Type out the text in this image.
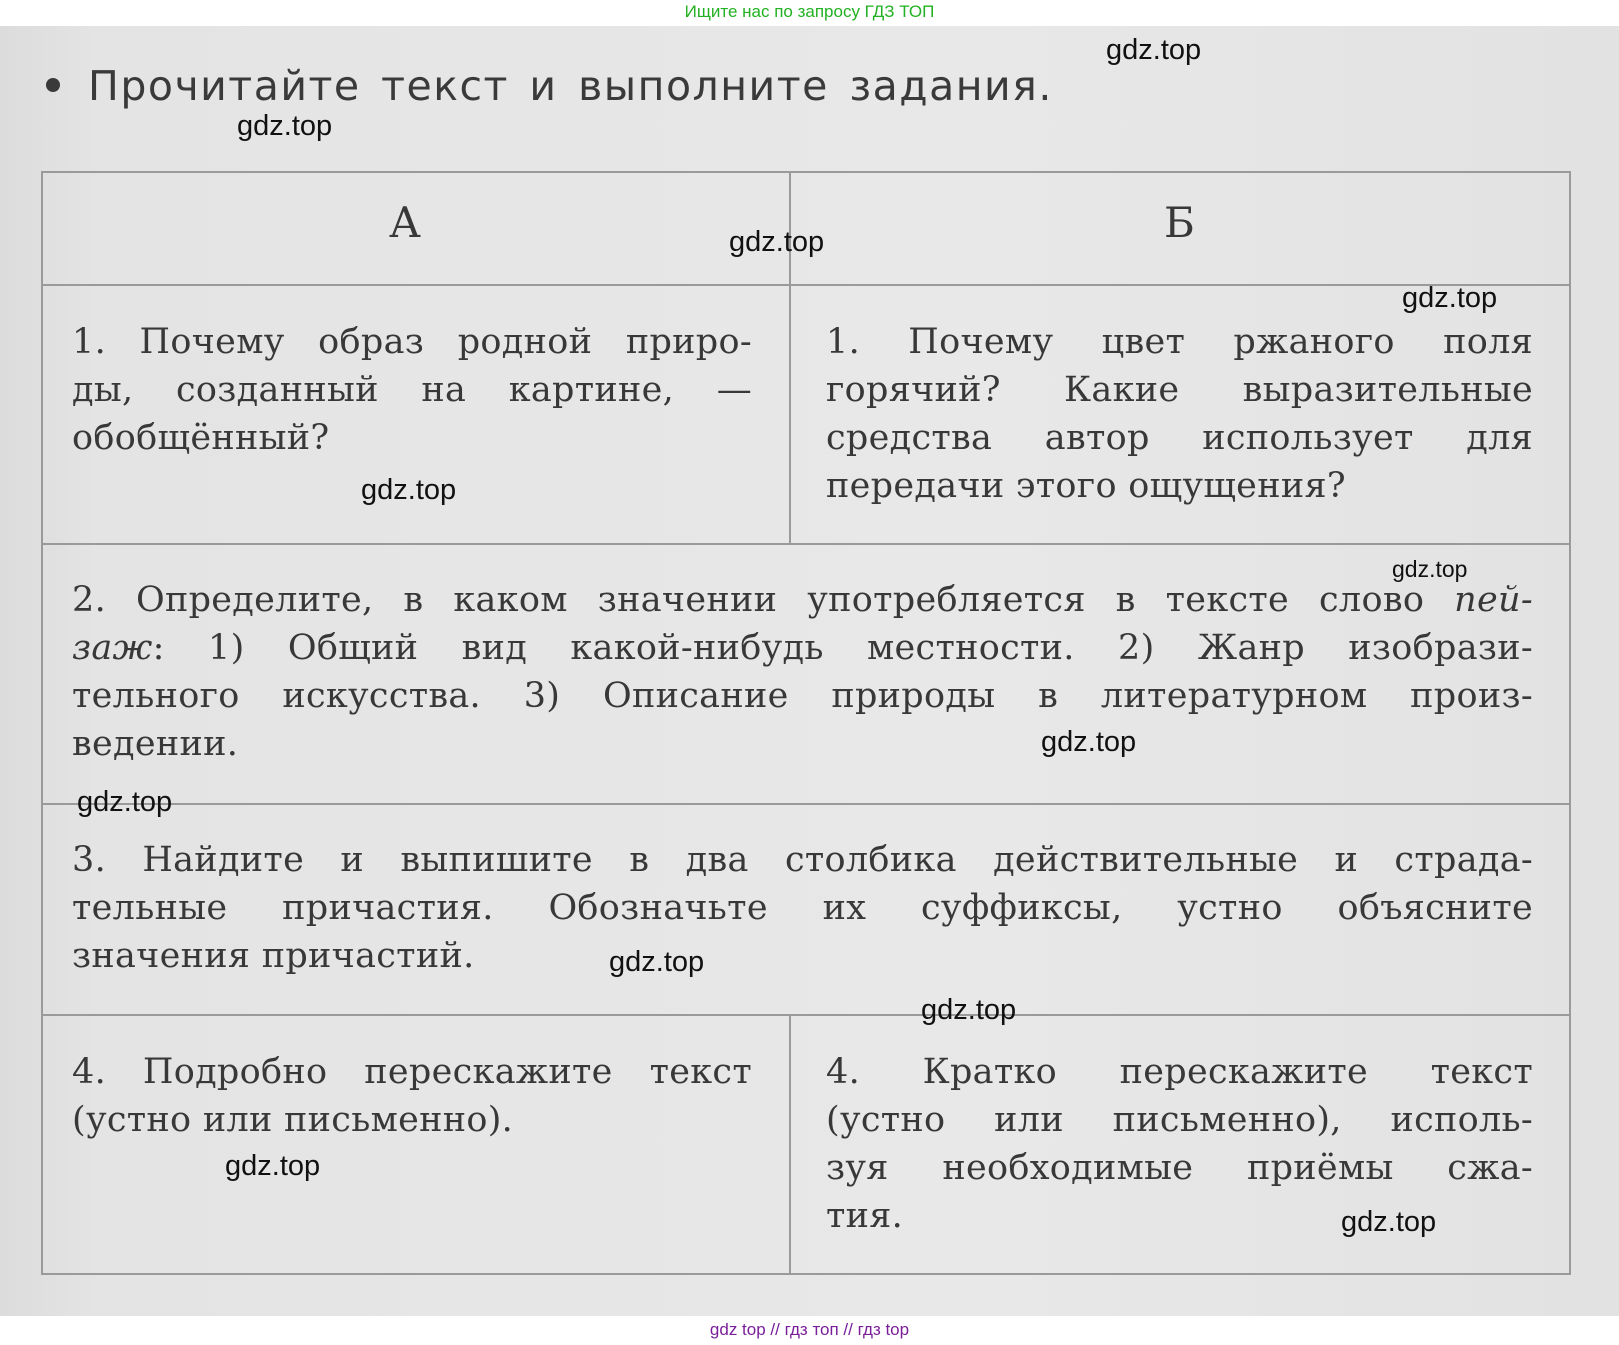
Ищите нас по запросу ГДЗ ТОП
Прочитайте текст и выполните задания.
А	Б
1. Почему образ родной приро-
ды, созданный на картине, —
обобщённый?
1. Почему цвет ржаного поля
горячий? Какие выразительные
средства автор использует для
передачи этого ощущения?
2. Определите, в каком значении употребляется в тексте слово пей-
заж: 1) Общий вид какой-нибудь местности. 2) Жанр изобрази-
тельного искусства. 3) Описание природы в литературном произ-
ведении.
3. Найдите и выпишите в два столбика действительные и страда-
тельные причастия. Обозначьте их суффиксы, устно объясните
значения причастий.
4. Подробно перескажите текст
(устно или письменно).
4. Кратко перескажите текст
(устно или письменно), исполь-
зуя необходимые приёмы сжа-
тия.
gdz.top
gdz.top
gdz.top
gdz.top
gdz.top
gdz.top
gdz.top
gdz.top
gdz.top
gdz.top
gdz.top
gdz.top
gdz top // гдз топ // гдз top
